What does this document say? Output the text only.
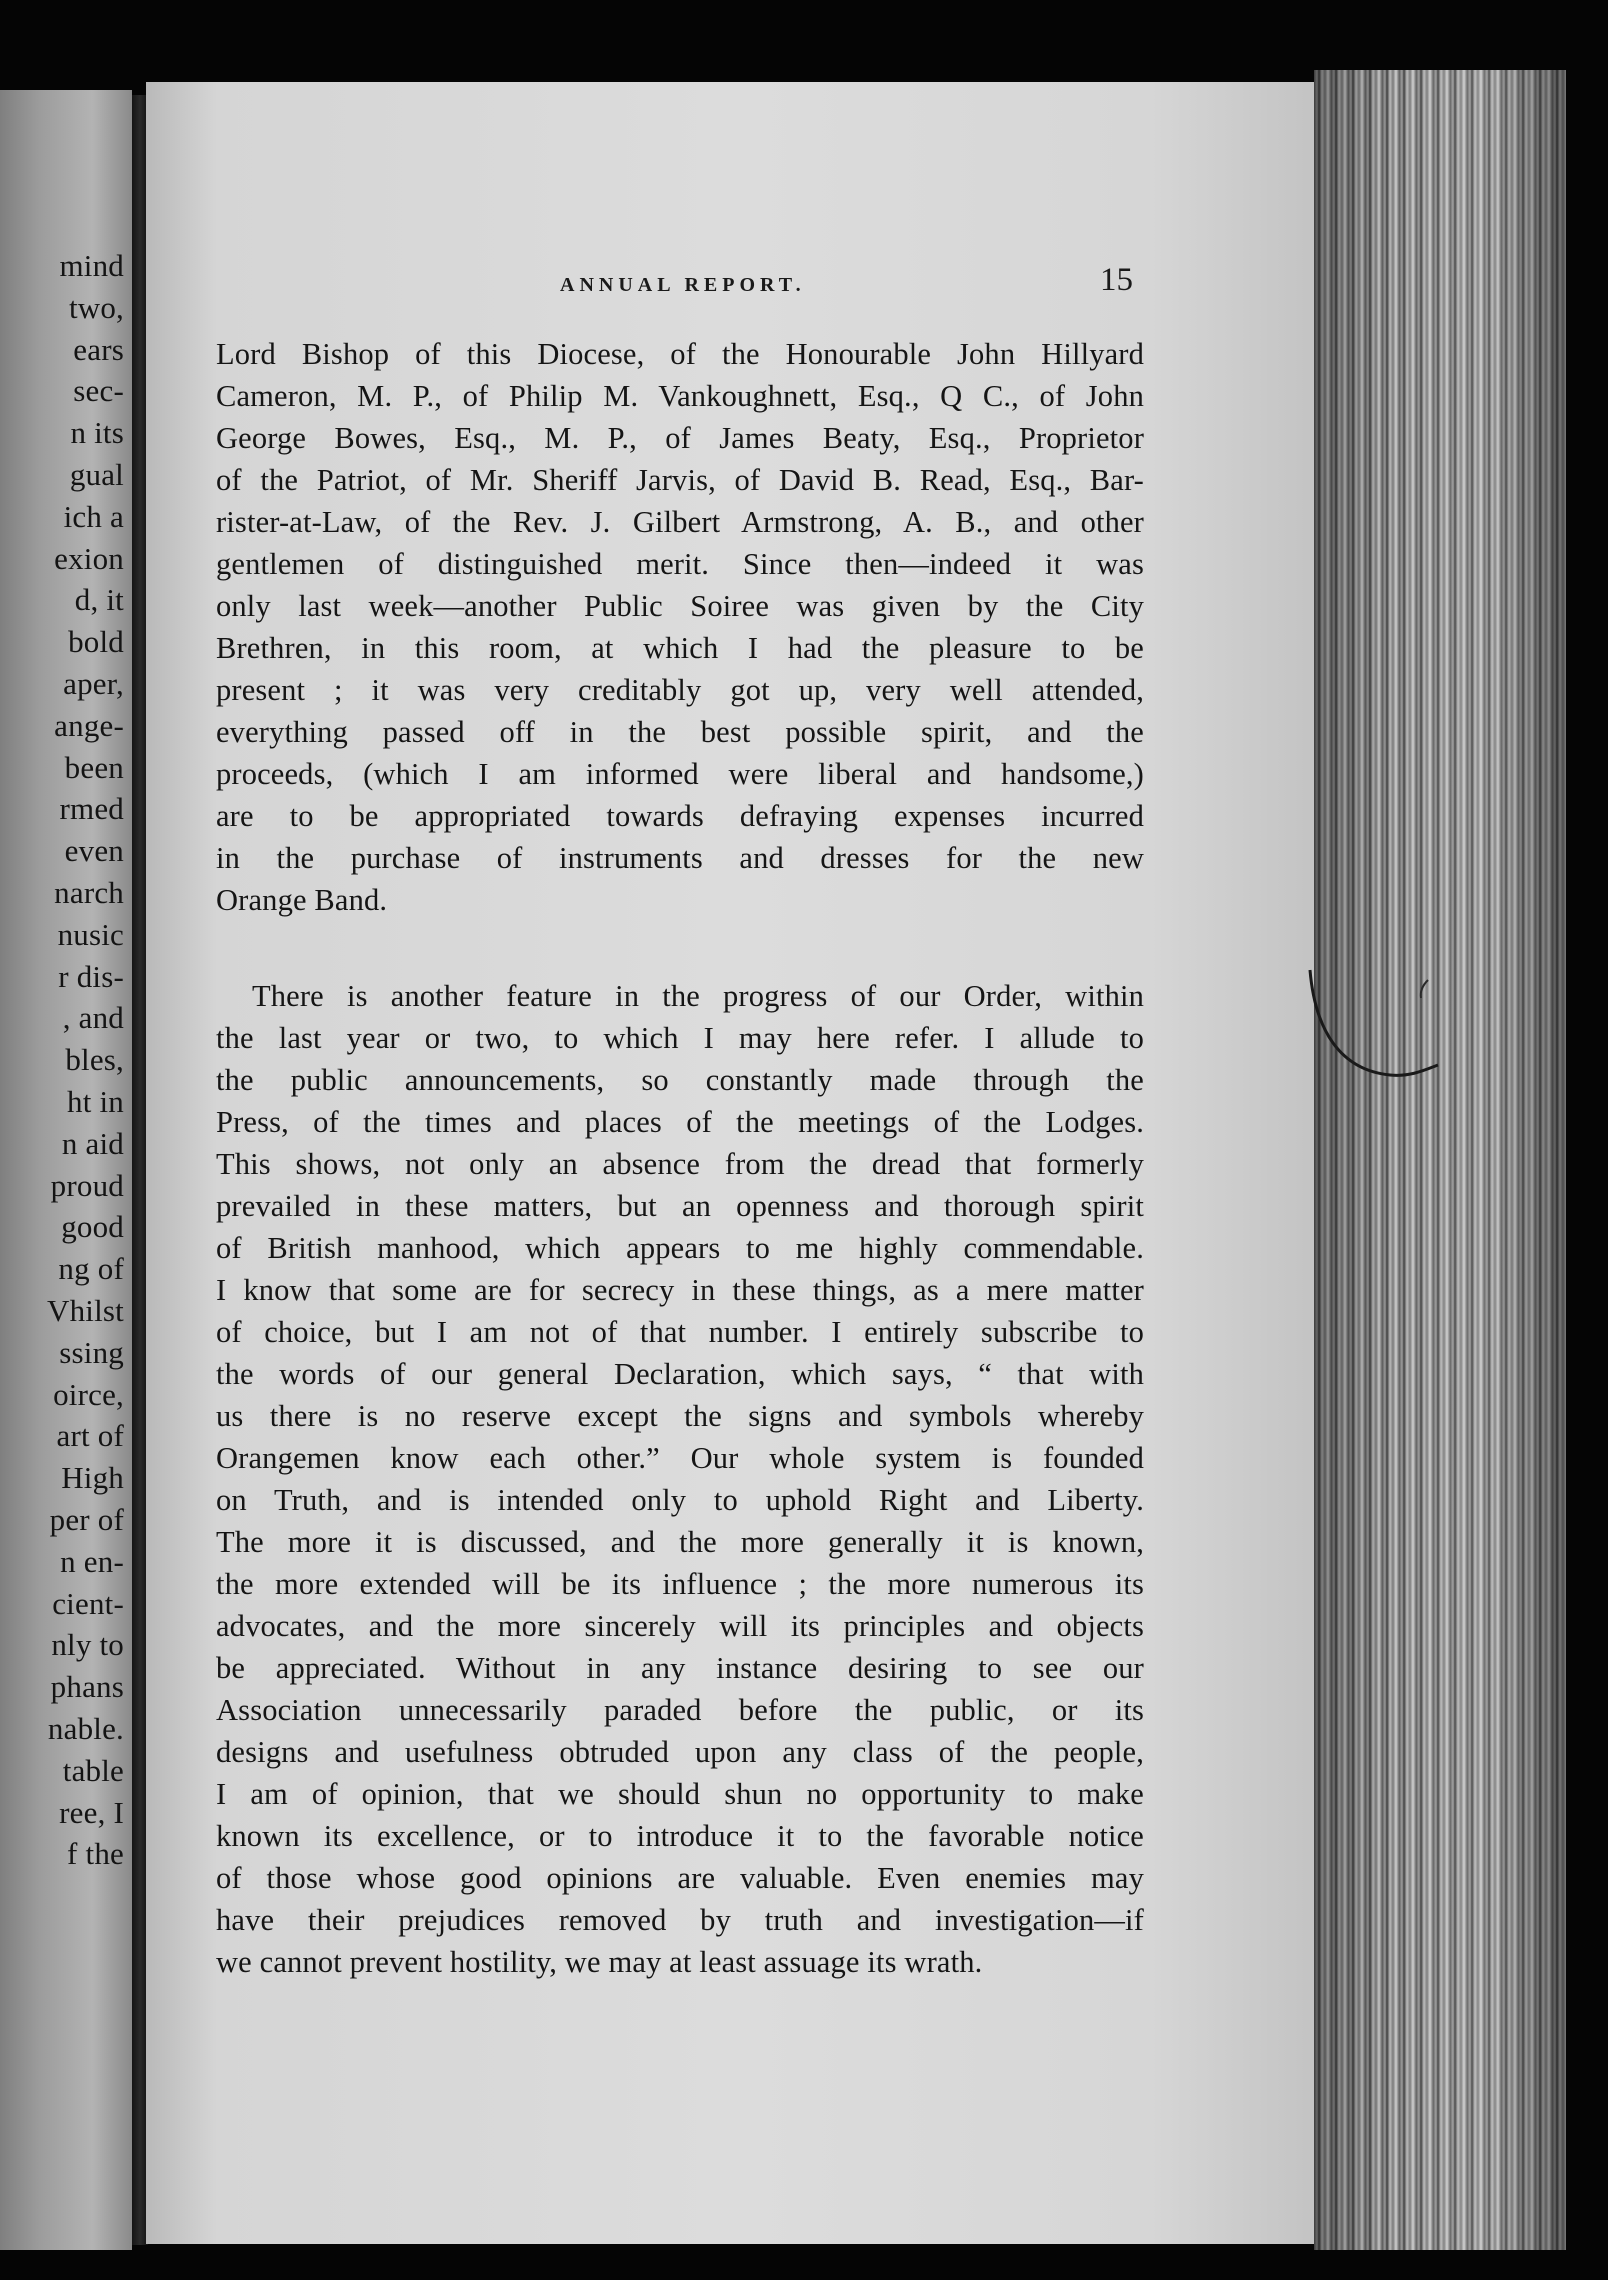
mind
two,
ears
sec-
n its
gual
ich a
exion
d, it
bold
aper,
ange-
been
rmed
even
narch
nusic
r dis-
, and
bles,
ht in
n aid
proud
good
ng of
Vhilst
ssing
oirce,
art of
High
per of
n en-
cient-
nly to
phans
nable.
table
ree, I
f the
ANNUAL REPORT.	15
Lord Bishop of this Diocese, of the Honourable John Hillyard
Cameron, M. P., of Philip M. Vankoughnett, Esq., Q C., of John
George Bowes, Esq., M. P., of James Beaty, Esq., Proprietor
of the Patriot, of Mr. Sheriff Jarvis, of David B. Read, Esq., Bar-
rister-at-Law, of the Rev. J. Gilbert Armstrong, A. B., and other
gentlemen of distinguished merit. Since then—indeed it was
only last week—another Public Soiree was given by the City
Brethren, in this room, at which I had the pleasure to be
present ; it was very creditably got up, very well attended,
everything passed off in the best possible spirit, and the
proceeds, (which I am informed were liberal and handsome,)
are to be appropriated towards defraying expenses incurred
in the purchase of instruments and dresses for the new
Orange Band.
There is another feature in the progress of our Order, within
the last year or two, to which I may here refer. I allude to
the public announcements, so constantly made through the
Press, of the times and places of the meetings of the Lodges.
This shows, not only an absence from the dread that formerly
prevailed in these matters, but an openness and thorough spirit
of British manhood, which appears to me highly commendable.
I know that some are for secrecy in these things, as a mere matter
of choice, but I am not of that number. I entirely subscribe to
the words of our general Declaration, which says, “ that with
us there is no reserve except the signs and symbols whereby
Orangemen know each other.” Our whole system is founded
on Truth, and is intended only to uphold Right and Liberty.
The more it is discussed, and the more generally it is known,
the more extended will be its influence ; the more numerous its
advocates, and the more sincerely will its principles and objects
be appreciated. Without in any instance desiring to see our
Association unnecessarily paraded before the public, or its
designs and usefulness obtruded upon any class of the people,
I am of opinion, that we should shun no opportunity to make
known its excellence, or to introduce it to the favorable notice
of those whose good opinions are valuable. Even enemies may
have their prejudices removed by truth and investigation—if
we cannot prevent hostility, we may at least assuage its wrath.
